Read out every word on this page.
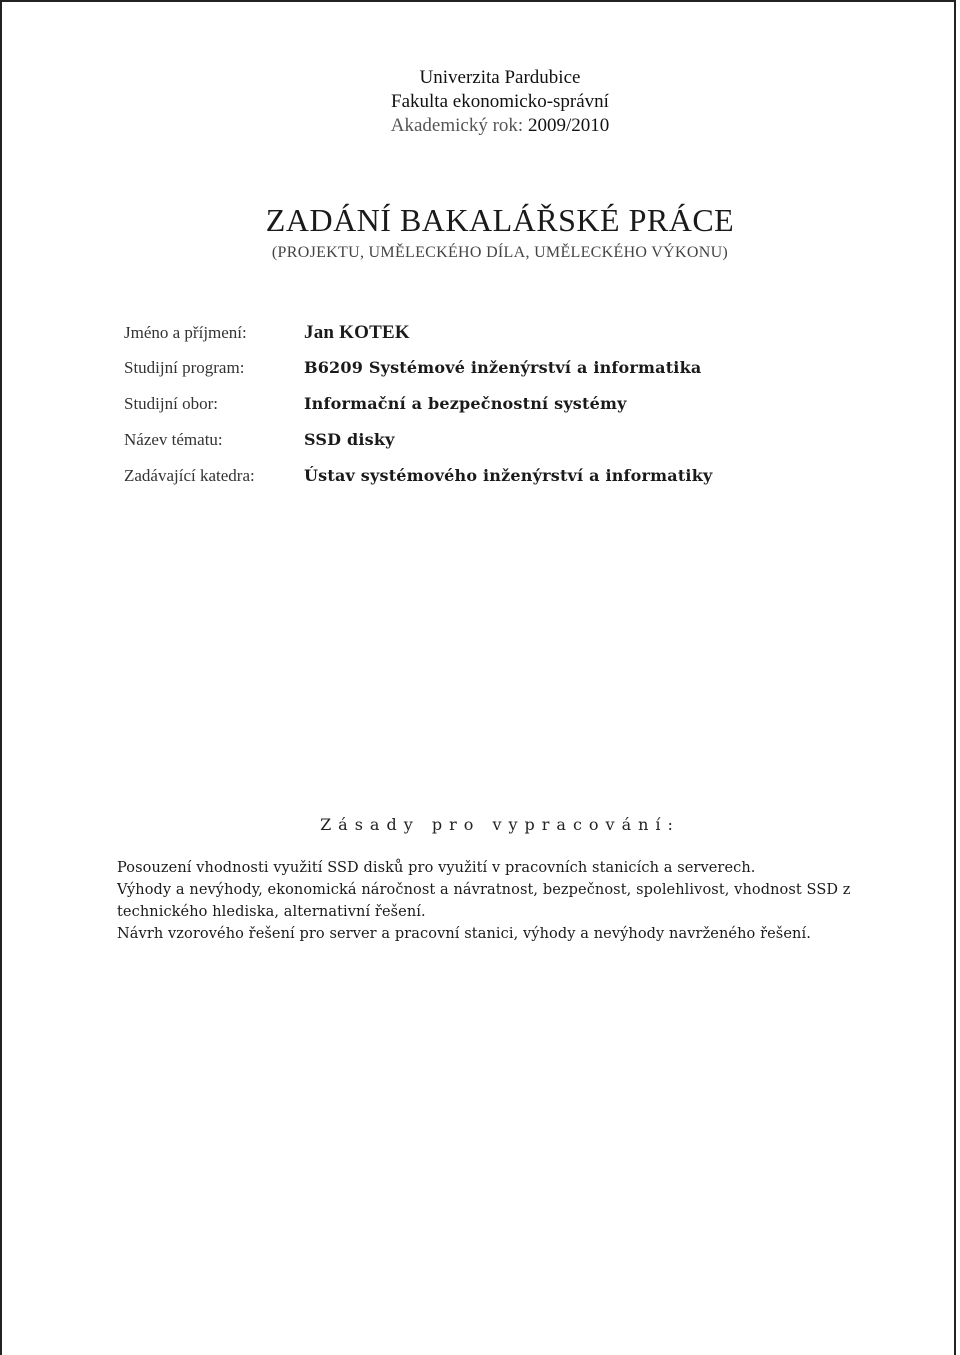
Univerzita Pardubice
Fakulta ekonomicko-správní
Akademický rok: 2009/2010
ZADÁNÍ BAKALÁŘSKÉ PRÁCE
(PROJEKTU, UMĚLECKÉHO DÍLA, UMĚLECKÉHO VÝKONU)
Jméno a příjmení:	Jan KOTEK
Studijní program:	B6209 Systémové inženýrství a informatika
Studijní obor:	Informační a bezpečnostní systémy
Název tématu:	SSD disky
Zadávající katedra:	Ústav systémového inženýrství a informatiky
Zásady pro vypracování:

Posouzení vhodnosti využití SSD disků pro využití v pracovních stanicích a serverech.

Výhody a nevýhody, ekonomická náročnost a návratnost, bezpečnost, spolehlivost, vhodnost SSD z technického hlediska, alternativní řešení.

Návrh vzorového řešení pro server a pracovní stanici, výhody a nevýhody navrženého řešení.
